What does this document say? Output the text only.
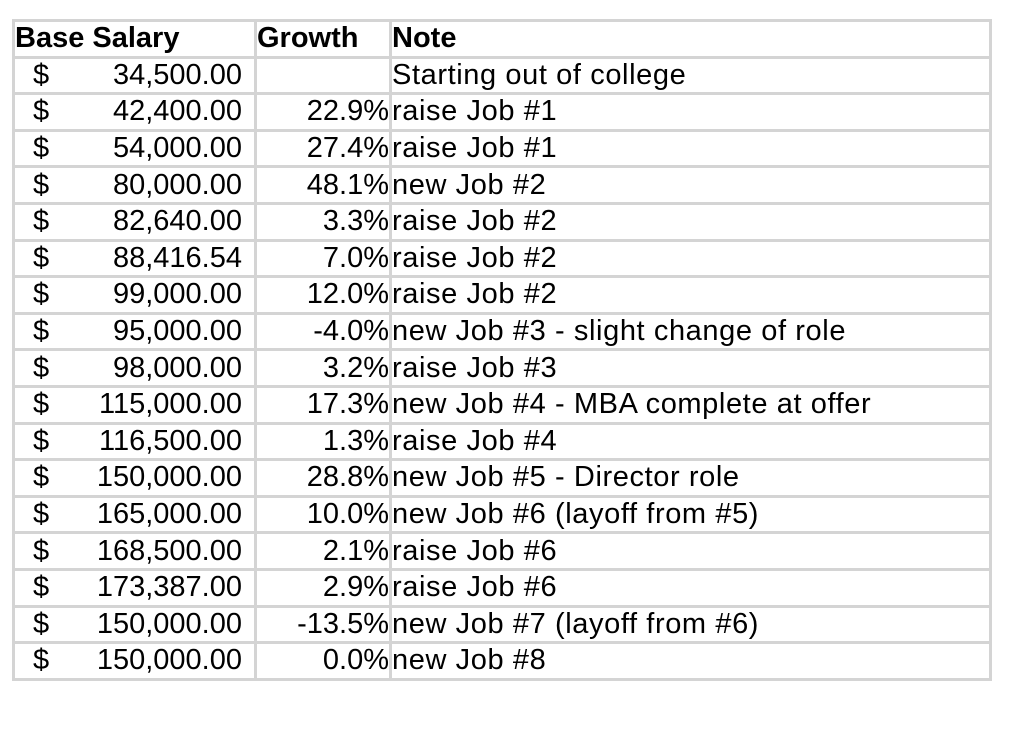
Base Salary	Growth	Note

$ 34,500.00		Starting out of college

$ 42,400.00	22.9%	raise Job #1

$ 54,000.00	27.4%	raise Job #1

$ 80,000.00	48.1%	new Job #2

$ 82,640.00	3.3%	raise Job #2

$ 88,416.54	7.0%	raise Job #2

$ 99,000.00	12.0%	raise Job #2

$ 95,000.00	-4.0%	new Job #3 - slight change of role

$ 98,000.00	3.2%	raise Job #3

$ 115,000.00	17.3%	new Job #4 - MBA complete at offer

$ 116,500.00	1.3%	raise Job #4

$ 150,000.00	28.8%	new Job #5 - Director role

$ 165,000.00	10.0%	new Job #6 (layoff from #5)

$ 168,500.00	2.1%	raise Job #6

$ 173,387.00	2.9%	raise Job #6

$ 150,000.00	-13.5%	new Job #7 (layoff from #6)

$ 150,000.00	0.0%	new Job #8
